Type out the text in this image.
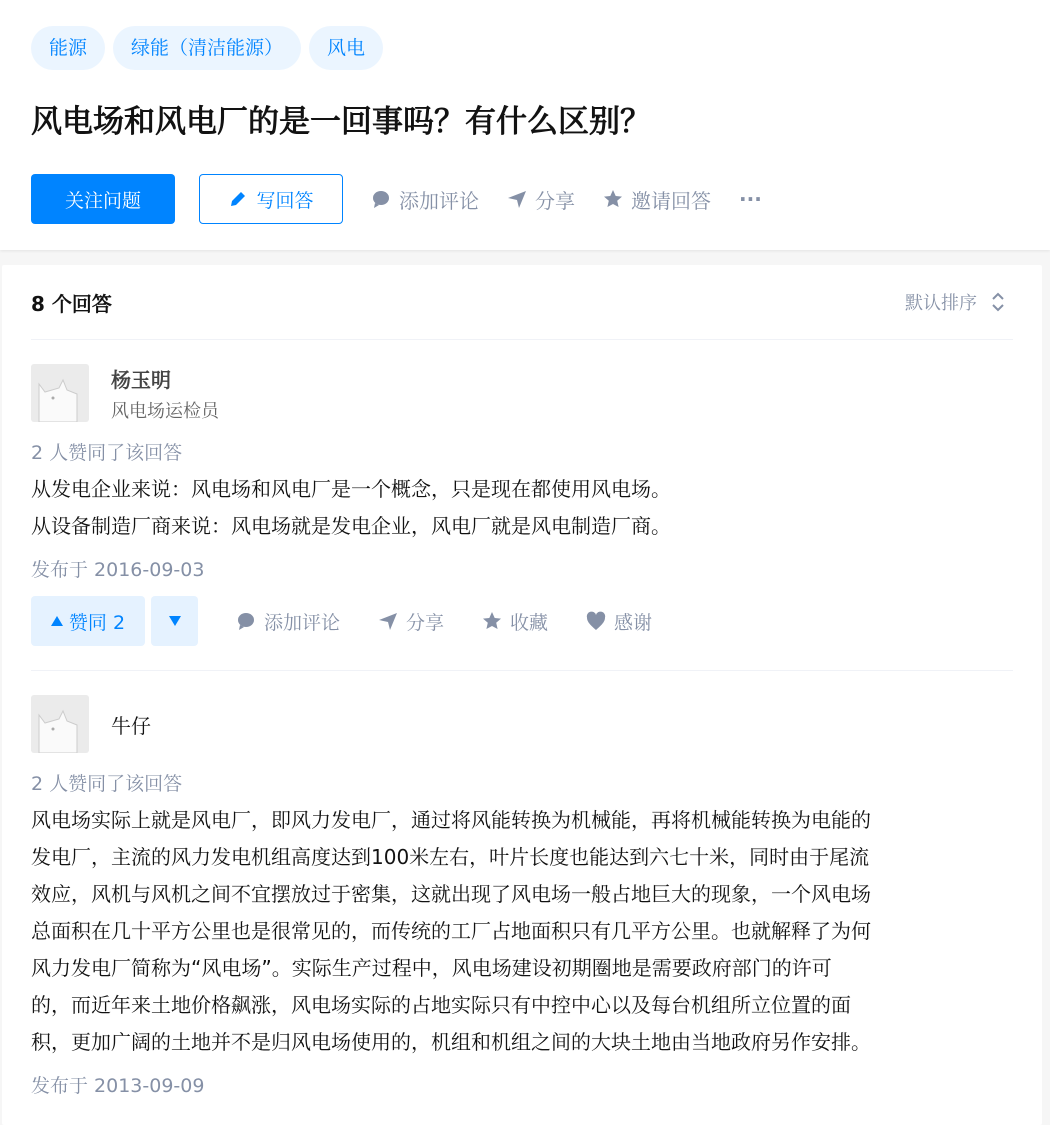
能源	绿能（清洁能源）	风电
风电场和风电厂的是一回事吗？有什么区别？
关注问题	写回答	添加评论	分享	邀请回答 ···
8 个回答	默认排序
杨玉明
风电场运检员
2 人赞同了该回答
从发电企业来说：风电场和风电厂是一个概念，只是现在都使用风电场。
从设备制造厂商来说：风电场就是发电企业，风电厂就是风电制造厂商。
发布于 2016-09-03
赞同 2	添加评论	分享	收藏	感谢
牛仔
2 人赞同了该回答
风电场实际上就是风电厂，即风力发电厂，通过将风能转换为机械能，再将机械能转换为电能的
发电厂，主流的风力发电机组高度达到100米左右，叶片长度也能达到六七十米，同时由于尾流
效应，风机与风机之间不宜摆放过于密集，这就出现了风电场一般占地巨大的现象，一个风电场
总面积在几十平方公里也是很常见的，而传统的工厂占地面积只有几平方公里。也就解释了为何
风力发电厂简称为“风电场”。实际生产过程中，风电场建设初期圈地是需要政府部门的许可
的，而近年来土地价格飙涨，风电场实际的占地实际只有中控中心以及每台机组所立位置的面
积，更加广阔的土地并不是归风电场使用的，机组和机组之间的大块土地由当地政府另作安排。
发布于 2013-09-09
